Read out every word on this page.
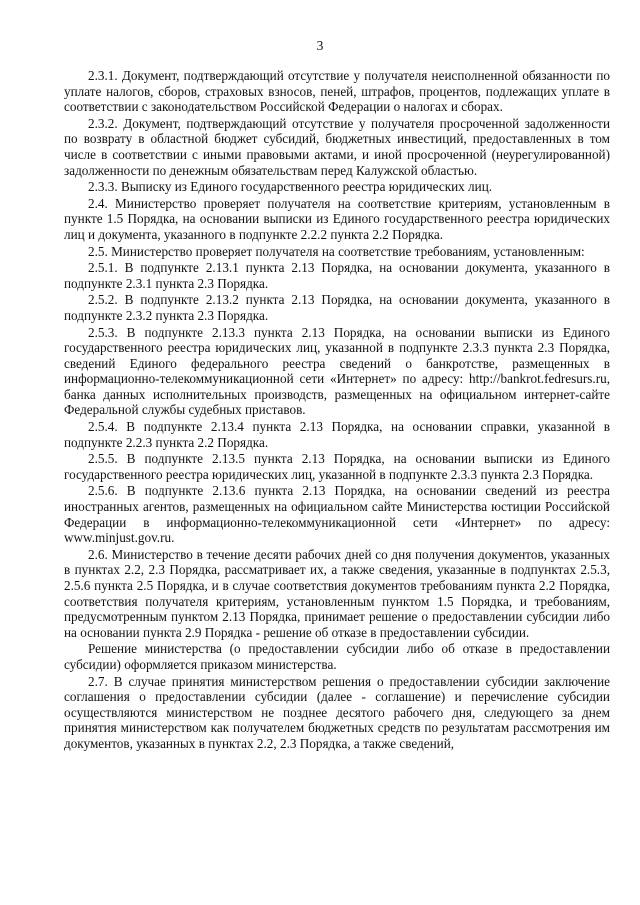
3

2.3.1. Документ, подтверждающий отсутствие у получателя неисполненной обязанности по уплате налогов, сборов, страховых взносов, пеней, штрафов, процентов, подлежащих уплате в соответствии с законодательством Российской Федерации о налогах и сборах.

2.3.2. Документ, подтверждающий отсутствие у получателя просроченной задолженности по возврату в областной бюджет субсидий, бюджетных инвестиций, предоставленных в том числе в соответствии с иными правовыми актами, и иной просроченной (неурегулированной) задолженности по денежным обязательствам перед Калужской областью.

2.3.3. Выписку из Единого государственного реестра юридических лиц.

2.4. Министерство проверяет получателя на соответствие критериям, установленным в пункте 1.5 Порядка, на основании выписки из Единого государственного реестра юридических лиц и документа, указанного в подпункте 2.2.2 пункта 2.2 Порядка.

2.5. Министерство проверяет получателя на соответствие требованиям, установленным:

2.5.1. В подпункте 2.13.1 пункта 2.13 Порядка, на основании документа, указанного в подпункте 2.3.1 пункта 2.3 Порядка.

2.5.2. В подпункте 2.13.2 пункта 2.13 Порядка, на основании документа, указанного в подпункте 2.3.2 пункта 2.3 Порядка.

2.5.3. В подпункте 2.13.3 пункта 2.13 Порядка, на основании выписки из Единого государственного реестра юридических лиц, указанной в подпункте 2.3.3 пункта 2.3 Порядка, сведений Единого федерального реестра сведений о банкротстве, размещенных в информационно-телекоммуникационной сети «Интернет» по адресу: http://bankrot.fedresurs.ru, банка данных исполнительных производств, размещенных на официальном интернет-сайте Федеральной службы судебных приставов.

2.5.4. В подпункте 2.13.4 пункта 2.13 Порядка, на основании справки, указанной в подпункте 2.2.3 пункта 2.2 Порядка.

2.5.5. В подпункте 2.13.5 пункта 2.13 Порядка, на основании выписки из Единого государственного реестра юридических лиц, указанной в подпункте 2.3.3 пункта 2.3 Порядка.

2.5.6. В подпункте 2.13.6 пункта 2.13 Порядка, на основании сведений из реестра иностранных агентов, размещенных на официальном сайте Министерства юстиции Российской Федерации в информационно-телекоммуникационной сети «Интернет» по адресу: www.minjust.gov.ru.

2.6. Министерство в течение десяти рабочих дней со дня получения документов, указанных в пунктах 2.2, 2.3 Порядка, рассматривает их, а также сведения, указанные в подпунктах 2.5.3, 2.5.6 пункта 2.5 Порядка, и в случае соответствия документов требованиям пункта 2.2 Порядка, соответствия получателя критериям, установленным пунктом 1.5 Порядка, и требованиям, предусмотренным пунктом 2.13 Порядка, принимает решение о предоставлении субсидии либо на основании пункта 2.9 Порядка - решение об отказе в предоставлении субсидии.

Решение министерства (о предоставлении субсидии либо об отказе в предоставлении субсидии) оформляется приказом министерства.

2.7. В случае принятия министерством решения о предоставлении субсидии заключение соглашения о предоставлении субсидии (далее - соглашение) и перечисление субсидии осуществляются министерством не позднее десятого рабочего дня, следующего за днем принятия министерством как получателем бюджетных средств по результатам рассмотрения им документов, указанных в пунктах 2.2, 2.3 Порядка, а также сведений,
